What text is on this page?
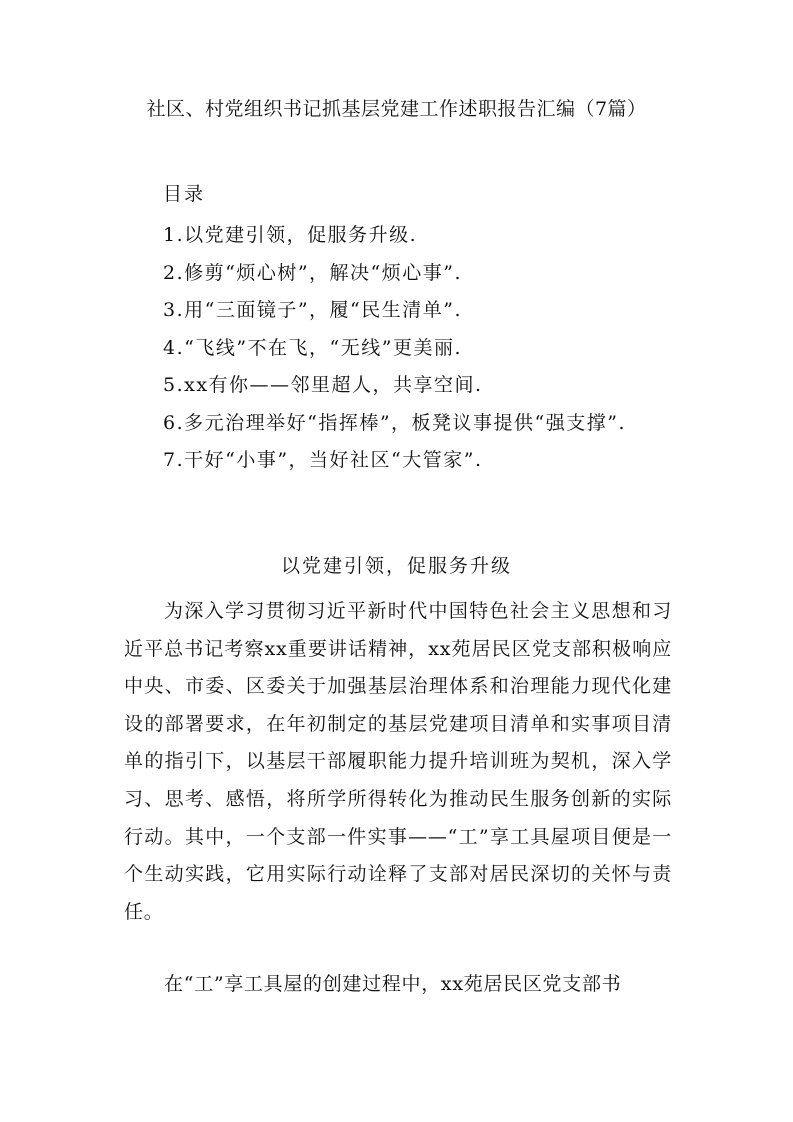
社区、村党组织书记抓基层党建工作述职报告汇编（7篇）
目录
1.以党建引领，促服务升级.
2.修剪“烦心树”，解决“烦心事”.
3.用“三面镜子”，履“民生清单”.
4.“飞线”不在飞，“无线”更美丽.
5.xx有你——邻里超人，共享空间.
6.多元治理举好“指挥棒”，板凳议事提供“强支撑”.
7.干好“小事”，当好社区“大管家”.
以党建引领，促服务升级

为深入学习贯彻习近平新时代中国特色社会主义思想和习近平总书记考察xx重要讲话精神，xx苑居民区党支部积极响应中央、市委、区委关于加强基层治理体系和治理能力现代化建设的部署要求，在年初制定的基层党建项目清单和实事项目清单的指引下，以基层干部履职能力提升培训班为契机，深入学习、思考、感悟，将所学所得转化为推动民生服务创新的实际行动。其中，一个支部一件实事——“工”享工具屋项目便是一个生动实践，它用实际行动诠释了支部对居民深切的关怀与责任。

在“工”享工具屋的创建过程中，xx苑居民区党支部书
